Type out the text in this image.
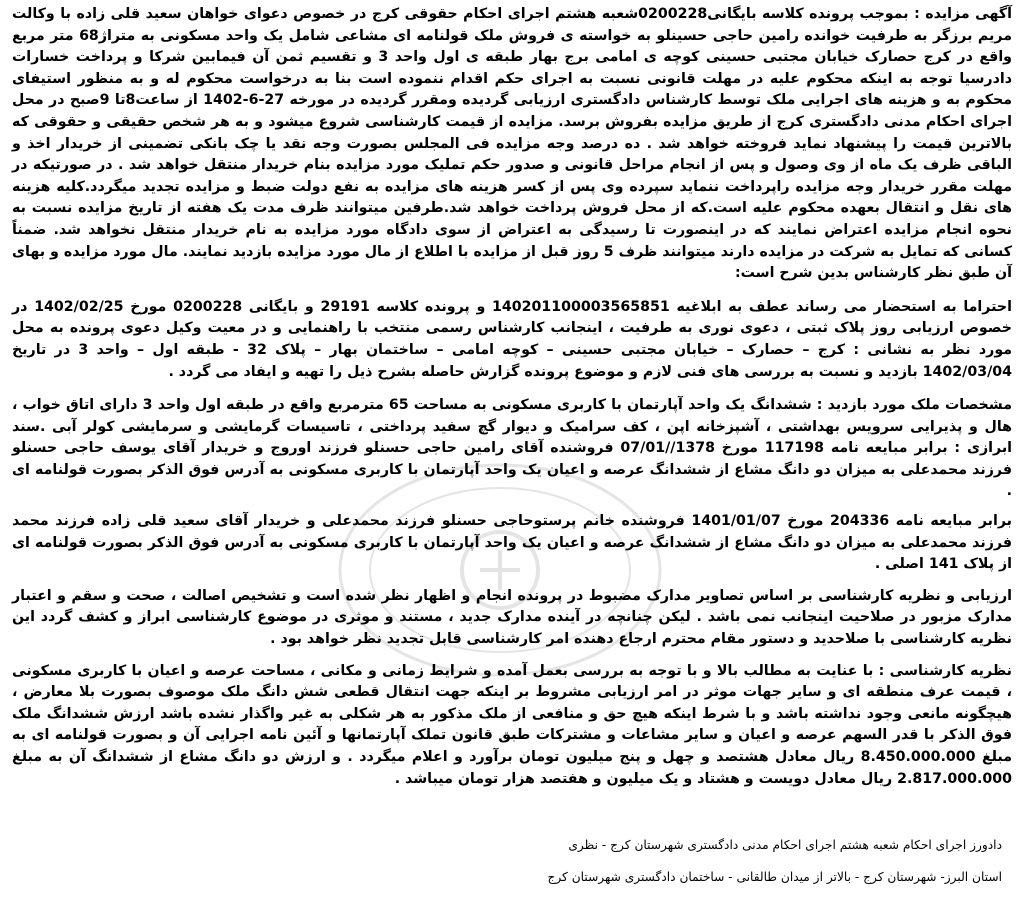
آگهی مزایده : بموجب پرونده کلاسه بایگانی0200228شعبه هشتم اجرای احکام حقوقی کرج در خصوص دعوای خواهان سعید قلی زاده با وکالت مریم برزگر به طرفیت خوانده رامین حاجی حسینلو به خواسته ی فروش ملک قولنامه ای مشاعی شامل یک واحد مسکونی به متراژ68 متر مربع واقع در کرج حصارک خیابان مجتبی حسینی کوچه ی امامی برج بهار طبقه ی اول واحد 3 و تقسیم ثمن آن فیمابین شرکا و پرداخت خسارات دادرسیا توجه به اینکه محکوم علیه در مهلت قانونی نسبت به اجرای حکم اقدام ننموده است بنا به درخواست محکوم له و به منظور استیفای محکوم به و هزینه های اجرایی ملک توسط کارشناس دادگستری ارزیابی گردیده ومقرر گردیده در مورخه 27-6-1402 از ساعت8تا 9صبح در محل اجرای احکام مدنی دادگستری کرج از طریق مزایده بفروش برسد. مزایده از قیمت کارشناسی شروع میشود و به هر شخص حقیقی و حقوقی که بالاترین قیمت را پیشنهاد نماید فروخته خواهد شد . ده درصد وجه مزایده فی المجلس بصورت وجه نقد یا چک بانکی تضمینی از خریدار اخذ و الباقی ظرف یک ماه از وی وصول و پس از انجام مراحل قانونی و صدور حکم تملیک مورد مزایده بنام خریدار منتقل خواهد شد . در صورتیکه در مهلت مقرر خریدار وجه مزایده راپرداخت ننماید سپرده وی پس از کسر هزینه های مزایده به نفع دولت ضبط و مزایده تجدید میگردد.کلیه هزینه های نقل و انتقال بعهده محکوم علیه است.که از محل فروش پرداخت خواهد شد.طرفین میتوانند ظرف مدت یک هفته از تاریخ مزایده نسبت به نحوه انجام مزایده اعتراض نمایند که در اینصورت تا رسیدگی به اعتراض از سوی دادگاه مورد مزایده به نام خریدار منتقل نخواهد شد. ضمناً کسانی که تمایل به شرکت در مزایده دارند میتوانند ظرف 5 روز قبل از مزایده با اطلاع از مال مورد مزایده بازدید نمایند. مال مورد مزایده و بهای آن طبق نظر کارشناس بدین شرح است:

احتراما به استحضار می رساند عطف به ابلاغیه 140201100003565851 و پرونده کلاسه 29191 و بایگانی 0200228 مورخ 1402/02/25 در خصوص ارزیابی روز پلاک ثبتی ، دعوی نوری به طرفیت ، اینجانب کارشناس رسمی منتخب با راهنمایی و در معیت وکیل دعوی پرونده به محل مورد نظر به نشانی : کرج – حصارک – خیابان مجتبی حسینی – کوچه امامی – ساختمان بهار – پلاک 32 - طبقه اول – واحد 3 در تاریخ 1402/03/04 بازدید و نسبت به بررسی های فنی لازم و موضوع پرونده گزارش حاصله بشرح ذیل را تهیه و ایفاد می گردد .

مشخصات ملک مورد بازدید : ششدانگ یک واحد آپارتمان با کاربری مسکونی به مساحت 65 مترمربع واقع در طبقه اول واحد 3 دارای اتاق خواب ، هال و پذیرایی سرویس بهداشتی ، آشپزخانه اپن ، کف سرامیک و دیوار گچ سفید پرداختی ، تاسیسات گرمایشی و سرمایشی کولر آبی .سند ابرازی : برابر مبایعه نامه 117198 مورخ 1378//07/01 فروشنده آقای رامین حاجی حسنلو فرزند اوروج و خریدار آقای یوسف حاجی حسنلو فرزند محمدعلی به میزان دو دانگ مشاع از ششدانگ عرصه و اعیان یک واحد آپارتمان با کاربری مسکونی به آدرس فوق الذکر بصورت قولنامه ای .

برابر مبایعه نامه 204336 مورخ 1401/01/07 فروشنده خانم پرستوحاجی حسنلو فرزند محمدعلی و خریدار آقای سعید قلی زاده فرزند محمد فرزند محمدعلی به میزان دو دانگ مشاع از ششدانگ عرصه و اعیان یک واحد آپارتمان با کاربری مسکونی به آدرس فوق الذکر بصورت قولنامه ای از پلاک 141 اصلی .

ارزیابی و نظریه کارشناسی بر اساس تصاویر مدارک مضبوط در پرونده انجام و اظهار نظر شده است و تشخیص اصالت ، صحت و سقم و اعتبار مدارک مزبور در صلاحیت اینجانب نمی باشد . لیکن چنانچه در آینده مدارک جدید ، مستند و موثری در موضوع کارشناسی ابراز و کشف گردد این نظریه کارشناسی با صلاحدید و دستور مقام محترم ارجاع دهنده امر کارشناسی قابل تجدید نظر خواهد بود .

نظریه کارشناسی : با عنایت به مطالب بالا و با توجه به بررسی بعمل آمده و شرایط زمانی و مکانی ، مساحت عرصه و اعیان با کاربری مسکونی ، قیمت عرف منطقه ای و سایر جهات موثر در امر ارزیابی مشروط بر اینکه جهت انتقال قطعی شش دانگ ملک موصوف بصورت بلا معارض ، هیچگونه مانعی وجود نداشته باشد و با شرط اینکه هیچ حق و منافعی از ملک مذکور به هر شکلی به غیر واگذار نشده باشد ارزش ششدانگ ملک فوق الذکر با قدر السهم عرصه و اعیان و سایر مشاعات و مشترکات طبق قانون تملک آپارتمانها و آئین نامه اجرایی آن و بصورت قولنامه ای به مبلغ 8.450.000.000 ریال معادل هشتصد و چهل و پنج میلیون تومان برآورد و اعلام میگردد . و ارزش دو دانگ مشاع از ششدانگ آن به مبلغ 2.817.000.000 ریال معادل دویست و هشتاد و یک میلیون و هفتصد هزار تومان میباشد .

دادورز اجرای احکام شعبه هشتم اجرای احکام مدنی دادگستری شهرستان کرج - نظری

استان البرز- شهرستان کرج - بالاتر از میدان طالقانی - ساختمان دادگستری شهرستان کرج
